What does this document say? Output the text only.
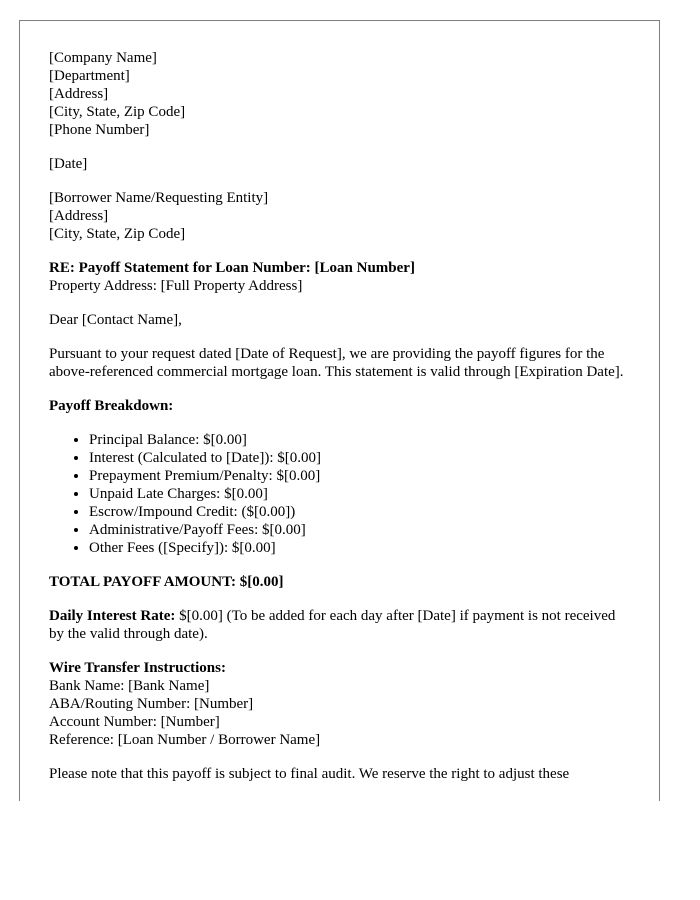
[Company Name]
[Department]
[Address]
[City, State, Zip Code]
[Phone Number]
[Date]
[Borrower Name/Requesting Entity]
[Address]
[City, State, Zip Code]
RE: Payoff Statement for Loan Number: [Loan Number]
Property Address: [Full Property Address]

Dear [Contact Name],

Pursuant to your request dated [Date of Request], we are providing the payoff figures for the above-referenced commercial mortgage loan. This statement is valid through [Expiration Date].

Payoff Breakdown:

• Principal Balance: $[0.00]
• Interest (Calculated to [Date]): $[0.00]
• Prepayment Premium/Penalty: $[0.00]
• Unpaid Late Charges: $[0.00]
• Escrow/Impound Credit: ($[0.00])
• Administrative/Payoff Fees: $[0.00]
• Other Fees ([Specify]): $[0.00]

TOTAL PAYOFF AMOUNT: $[0.00]

Daily Interest Rate: $[0.00] (To be added for each day after [Date] if payment is not received by the valid through date).

Wire Transfer Instructions:
Bank Name: [Bank Name]
ABA/Routing Number: [Number]
Account Number: [Number]
Reference: [Loan Number / Borrower Name]

Please note that this payoff is subject to final audit. We reserve the right to adjust these
